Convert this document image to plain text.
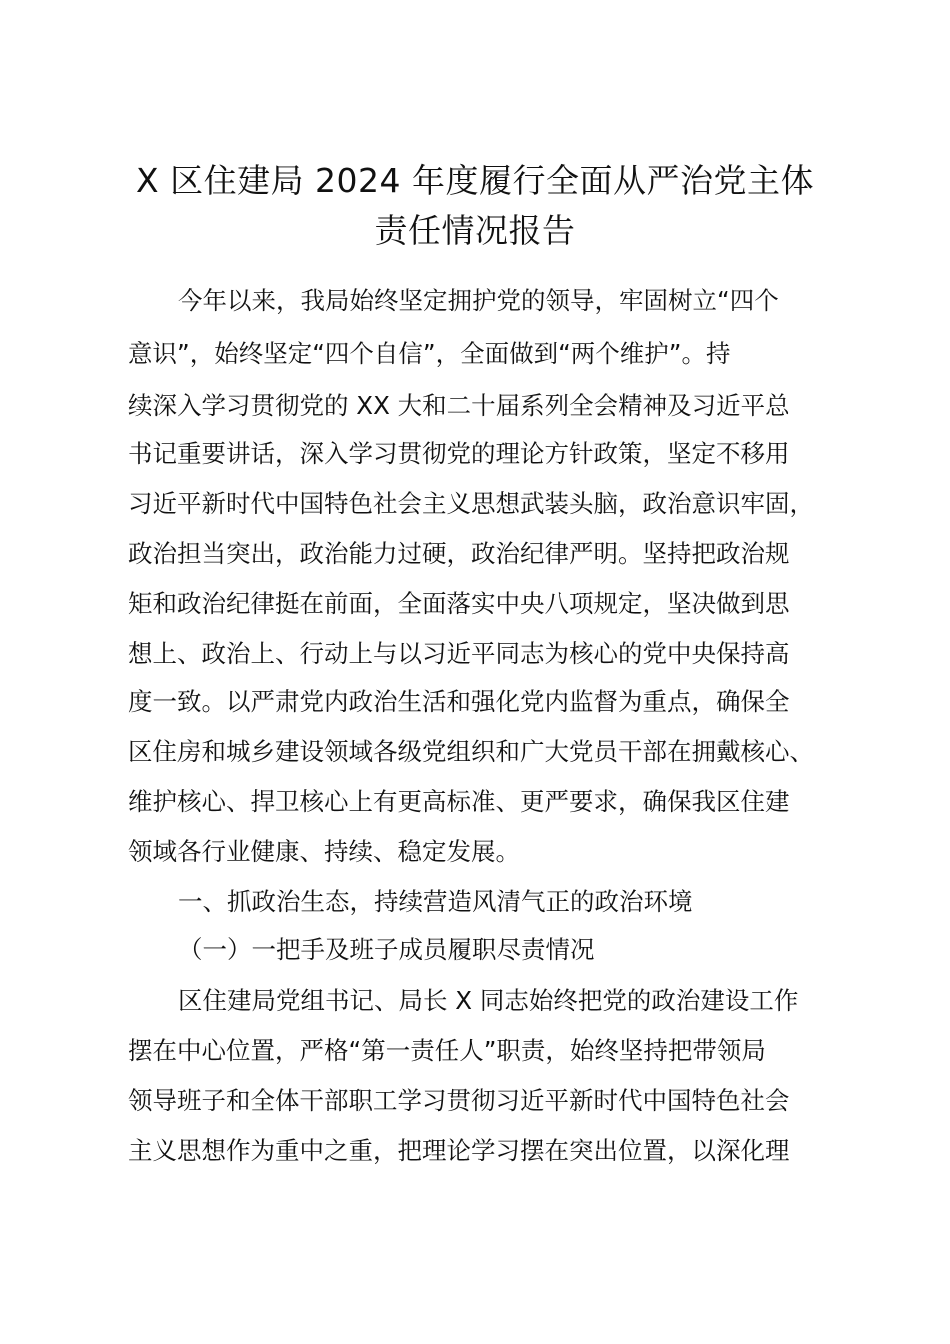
X 区住建局 2024 年度履行全面从严治党主体
责任情况报告
今年以来，我局始终坚定拥护党的领导，牢固树立“四个
意识”，始终坚定“四个自信”，全面做到“两个维护”。持
续深入学习贯彻党的 XX 大和二十届系列全会精神及习近平总
书记重要讲话，深入学习贯彻党的理论方针政策，坚定不移用
习近平新时代中国特色社会主义思想武装头脑，政治意识牢固，
政治担当突出，政治能力过硬，政治纪律严明。坚持把政治规
矩和政治纪律挺在前面，全面落实中央八项规定，坚决做到思
想上、政治上、行动上与以习近平同志为核心的党中央保持高
度一致。以严肃党内政治生活和强化党内监督为重点，确保全
区住房和城乡建设领域各级党组织和广大党员干部在拥戴核心、
维护核心、捍卫核心上有更高标准、更严要求，确保我区住建
领域各行业健康、持续、稳定发展。
一、抓政治生态，持续营造风清气正的政治环境
（一）一把手及班子成员履职尽责情况
区住建局党组书记、局长 X 同志始终把党的政治建设工作
摆在中心位置，严格“第一责任人”职责，始终坚持把带领局
领导班子和全体干部职工学习贯彻习近平新时代中国特色社会
主义思想作为重中之重，把理论学习摆在突出位置，以深化理
